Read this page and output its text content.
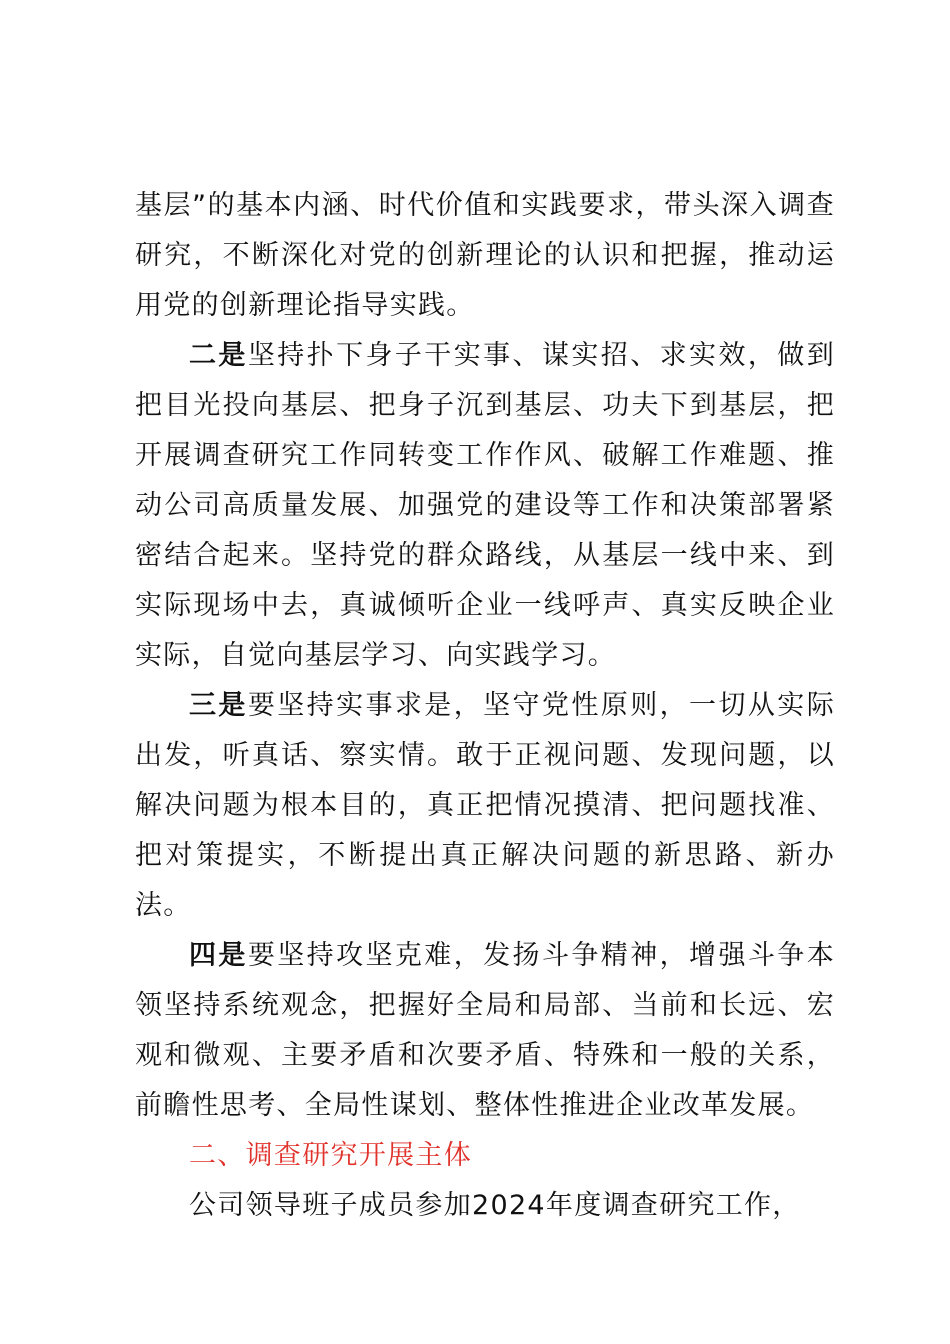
基层”的基本内涵、时代价值和实践要求，带头深入调查研究，不断深化对党的创新理论的认识和把握，推动运用党的创新理论指导实践。

二是坚持扑下身子干实事、谋实招、求实效，做到把目光投向基层、把身子沉到基层、功夫下到基层，把开展调查研究工作同转变工作作风、破解工作难题、推动公司高质量发展、加强党的建设等工作和决策部署紧密结合起来。坚持党的群众路线，从基层一线中来、到实际现场中去，真诚倾听企业一线呼声、真实反映企业实际，自觉向基层学习、向实践学习。

三是要坚持实事求是，坚守党性原则，一切从实际出发，听真话、察实情。敢于正视问题、发现问题，以解决问题为根本目的，真正把情况摸清、把问题找准、把对策提实，不断提出真正解决问题的新思路、新办法。

四是要坚持攻坚克难，发扬斗争精神，增强斗争本领坚持系统观念，把握好全局和局部、当前和长远、宏观和微观、主要矛盾和次要矛盾、特殊和一般的关系，前瞻性思考、全局性谋划、整体性推进企业改革发展。

二、调查研究开展主体

公司领导班子成员参加2024年度调查研究工作，
